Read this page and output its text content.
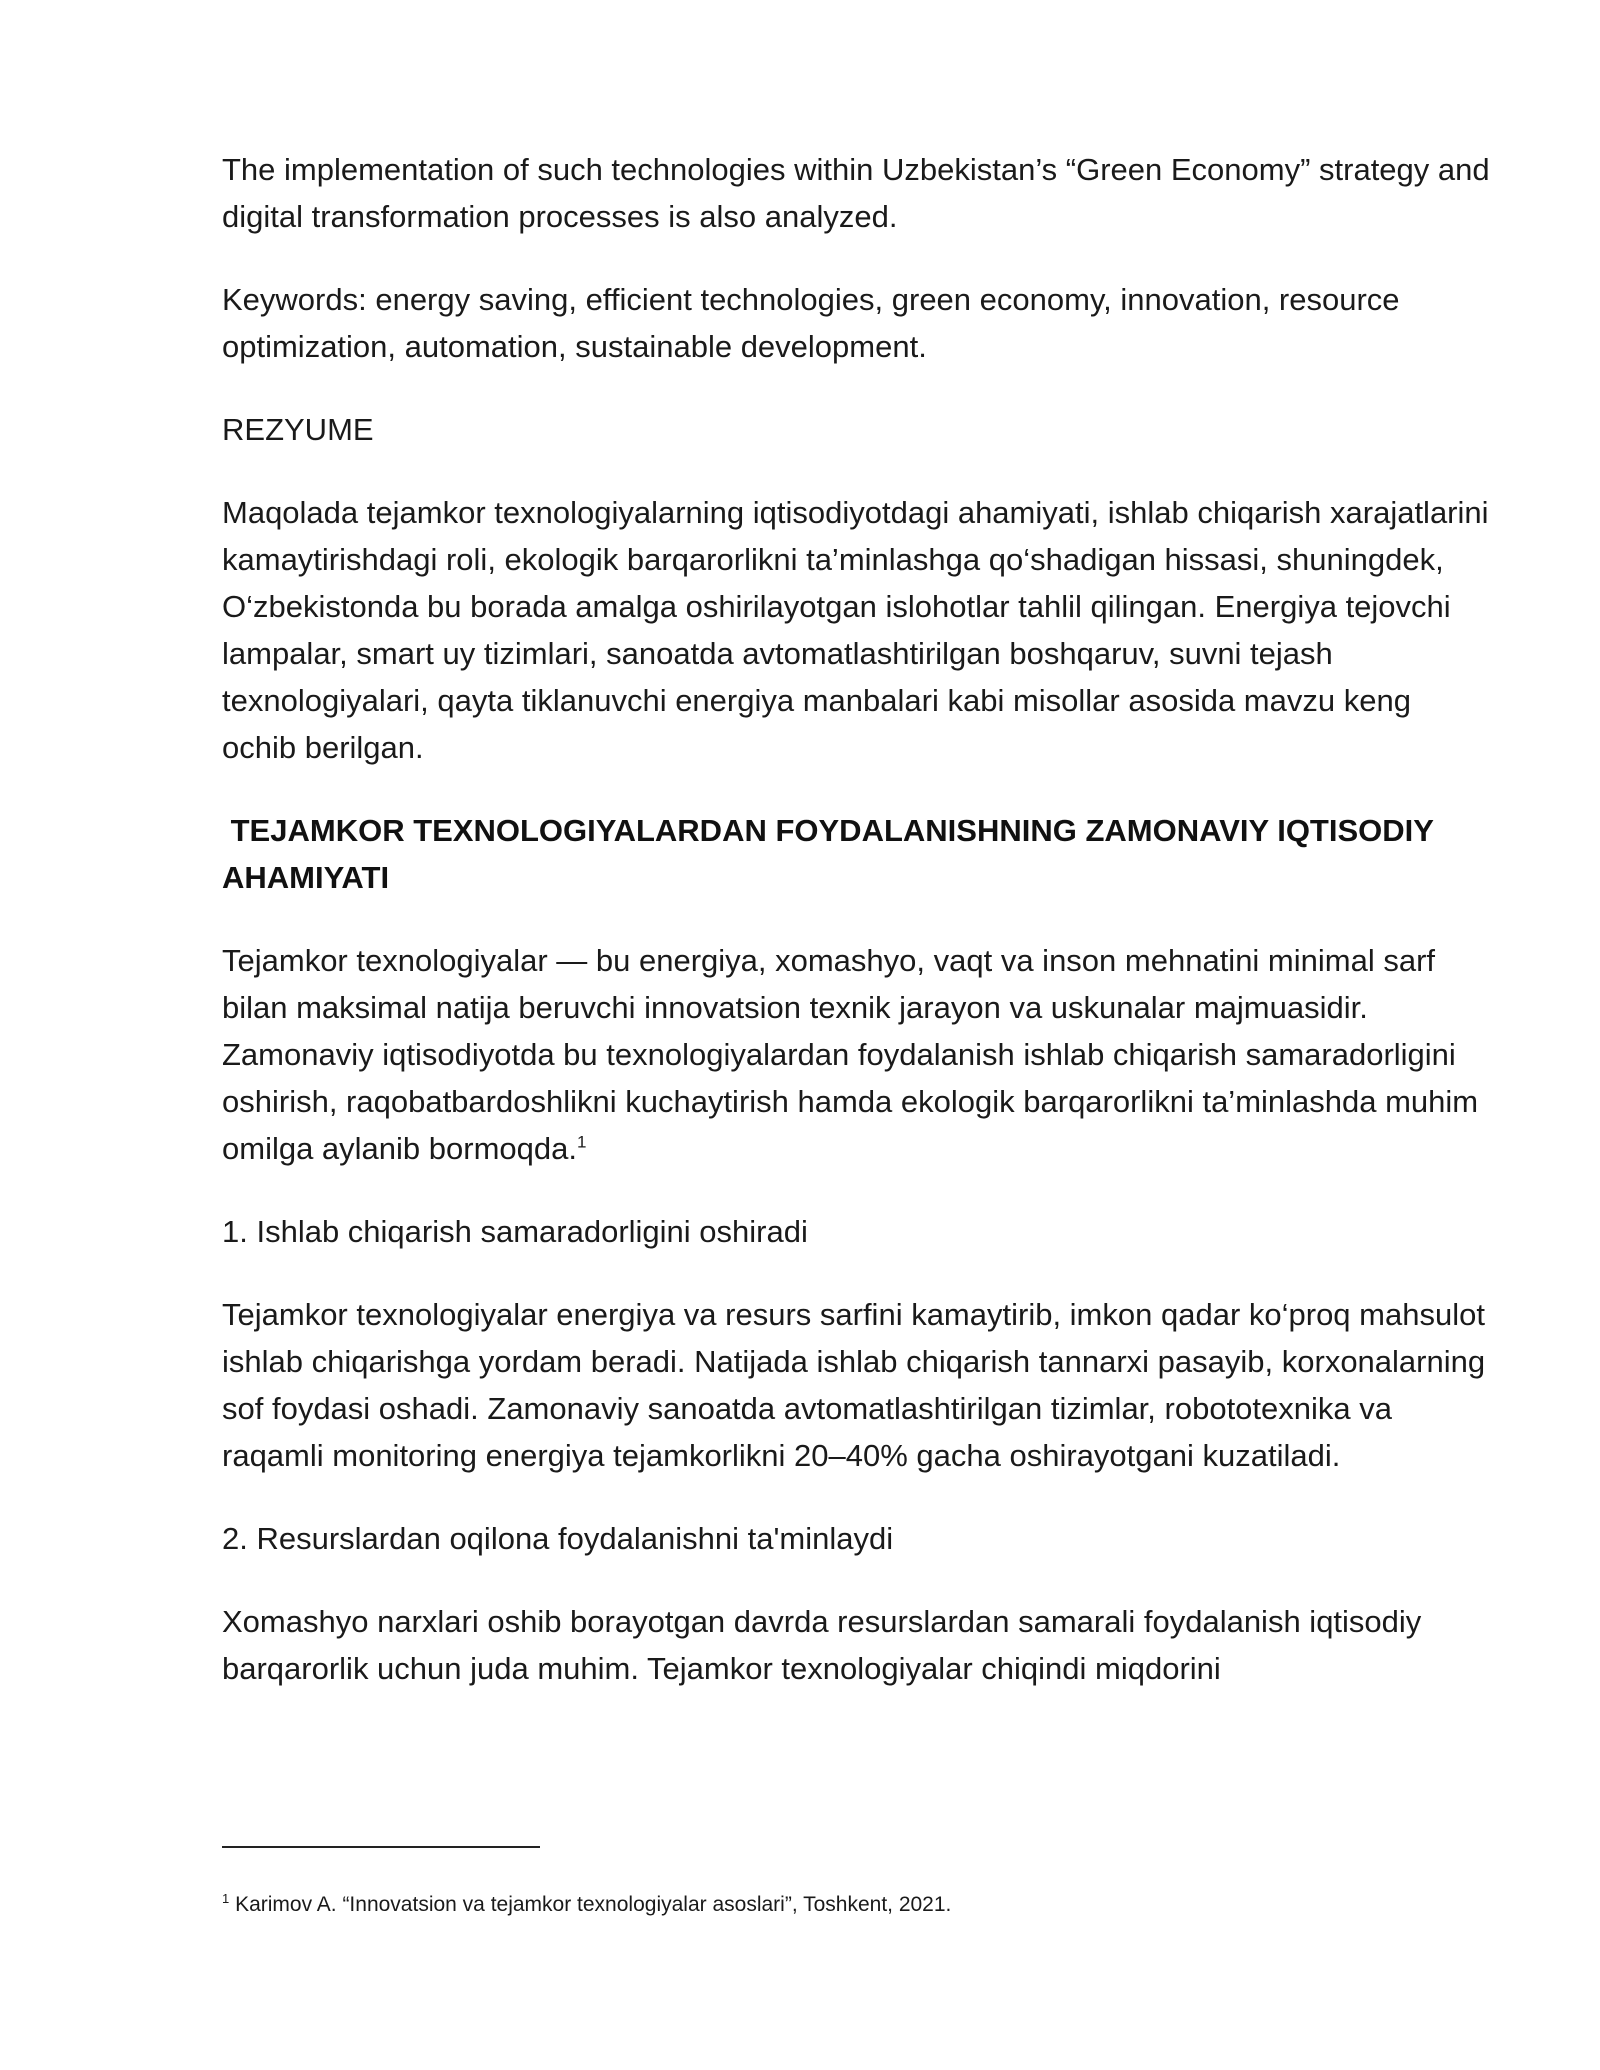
The implementation of such technologies within Uzbekistan’s “Green Economy” strategy and digital transformation processes is also analyzed.

Keywords: energy saving, efficient technologies, green economy, innovation, resource optimization, automation, sustainable development.

REZYUME

Maqolada tejamkor texnologiyalarning iqtisodiyotdagi ahamiyati, ishlab chiqarish xarajatlarini kamaytirishdagi roli, ekologik barqarorlikni ta’minlashga qo‘shadigan hissasi, shuningdek, O‘zbekistonda bu borada amalga oshirilayotgan islohotlar tahlil qilingan. Energiya tejovchi lampalar, smart uy tizimlari, sanoatda avtomatlashtirilgan boshqaruv, suvni tejash texnologiyalari, qayta tiklanuvchi energiya manbalari kabi misollar asosida mavzu keng ochib berilgan.

TEJAMKOR TEXNOLOGIYALARDAN FOYDALANISHNING ZAMONAVIY IQTISODIY AHAMIYATI

Tejamkor texnologiyalar — bu energiya, xomashyo, vaqt va inson mehnatini minimal sarf bilan maksimal natija beruvchi innovatsion texnik jarayon va uskunalar majmuasidir. Zamonaviy iqtisodiyotda bu texnologiyalardan foydalanish ishlab chiqarish samaradorligini oshirish, raqobatbardoshlikni kuchaytirish hamda ekologik barqarorlikni ta’minlashda muhim omilga aylanib bormoqda.$^1$

1. Ishlab chiqarish samaradorligini oshiradi

Tejamkor texnologiyalar energiya va resurs sarfini kamaytirib, imkon qadar ko‘proq mahsulot ishlab chiqarishga yordam beradi. Natijada ishlab chiqarish tannarxi pasayib, korxonalarning sof foydasi oshadi. Zamonaviy sanoatda avtomatlashtirilgan tizimlar, robototexnika va raqamli monitoring energiya tejamkorlikni 20–40% gacha oshirayotgani kuzatiladi.

2. Resurslardan oqilona foydalanishni ta'minlaydi

Xomashyo narxlari oshib borayotgan davrda resurslardan samarali foydalanish iqtisodiy barqarorlik uchun juda muhim. Tejamkor texnologiyalar chiqindi miqdorini

$^1$ Karimov A. “Innovatsion va tejamkor texnologiyalar asoslari”, Toshkent, 2021.
